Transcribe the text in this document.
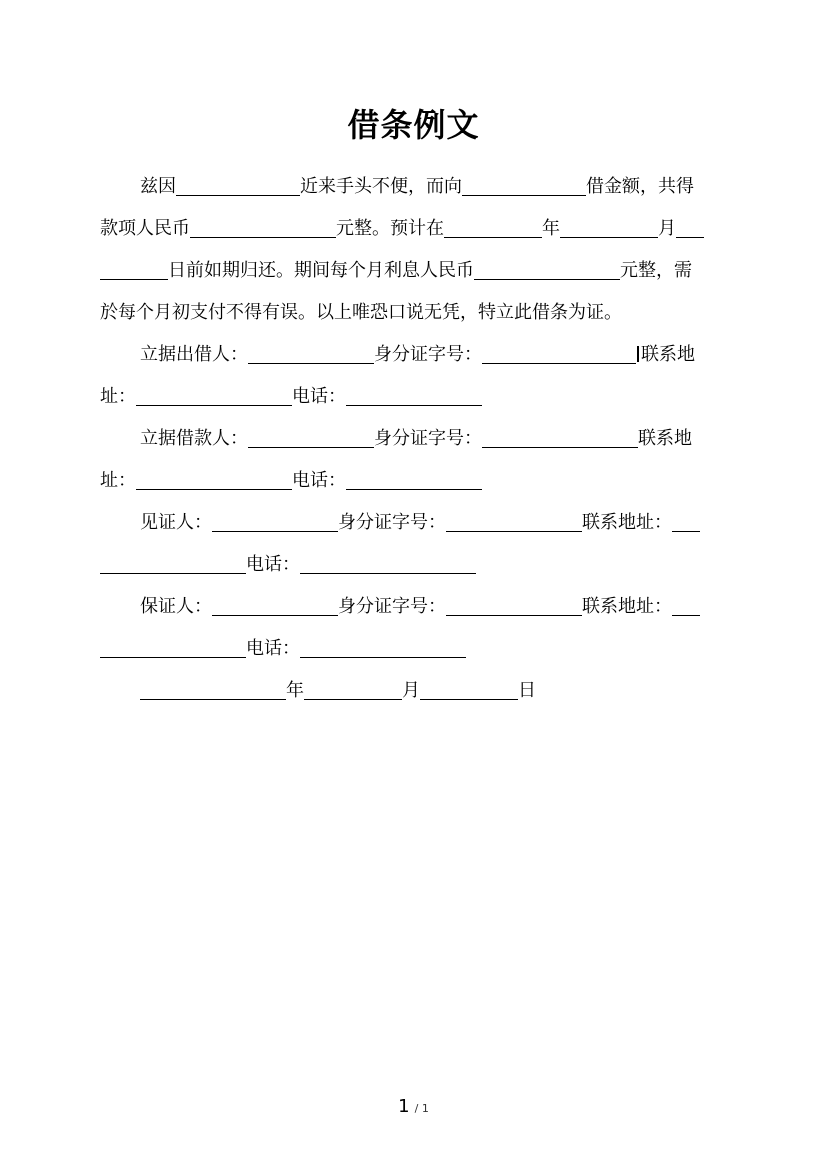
借条例文
兹因	近来手头不便，而向	借金额，共得
款项人民币	元整。预计在	年	月
日前如期归还。期间每个月利息人民币	元整，需
於每个月初支付不得有误。以上唯恐口说无凭，特立此借条为证。
立据出借人：	身分证字号：	联系地
址：	电话：
立据借款人：	身分证字号：	联系地
址：	电话：
见证人：	身分证字号：	联系地址：
电话：
保证人：	身分证字号：	联系地址：
电话：
年	月	日
1 / 1
